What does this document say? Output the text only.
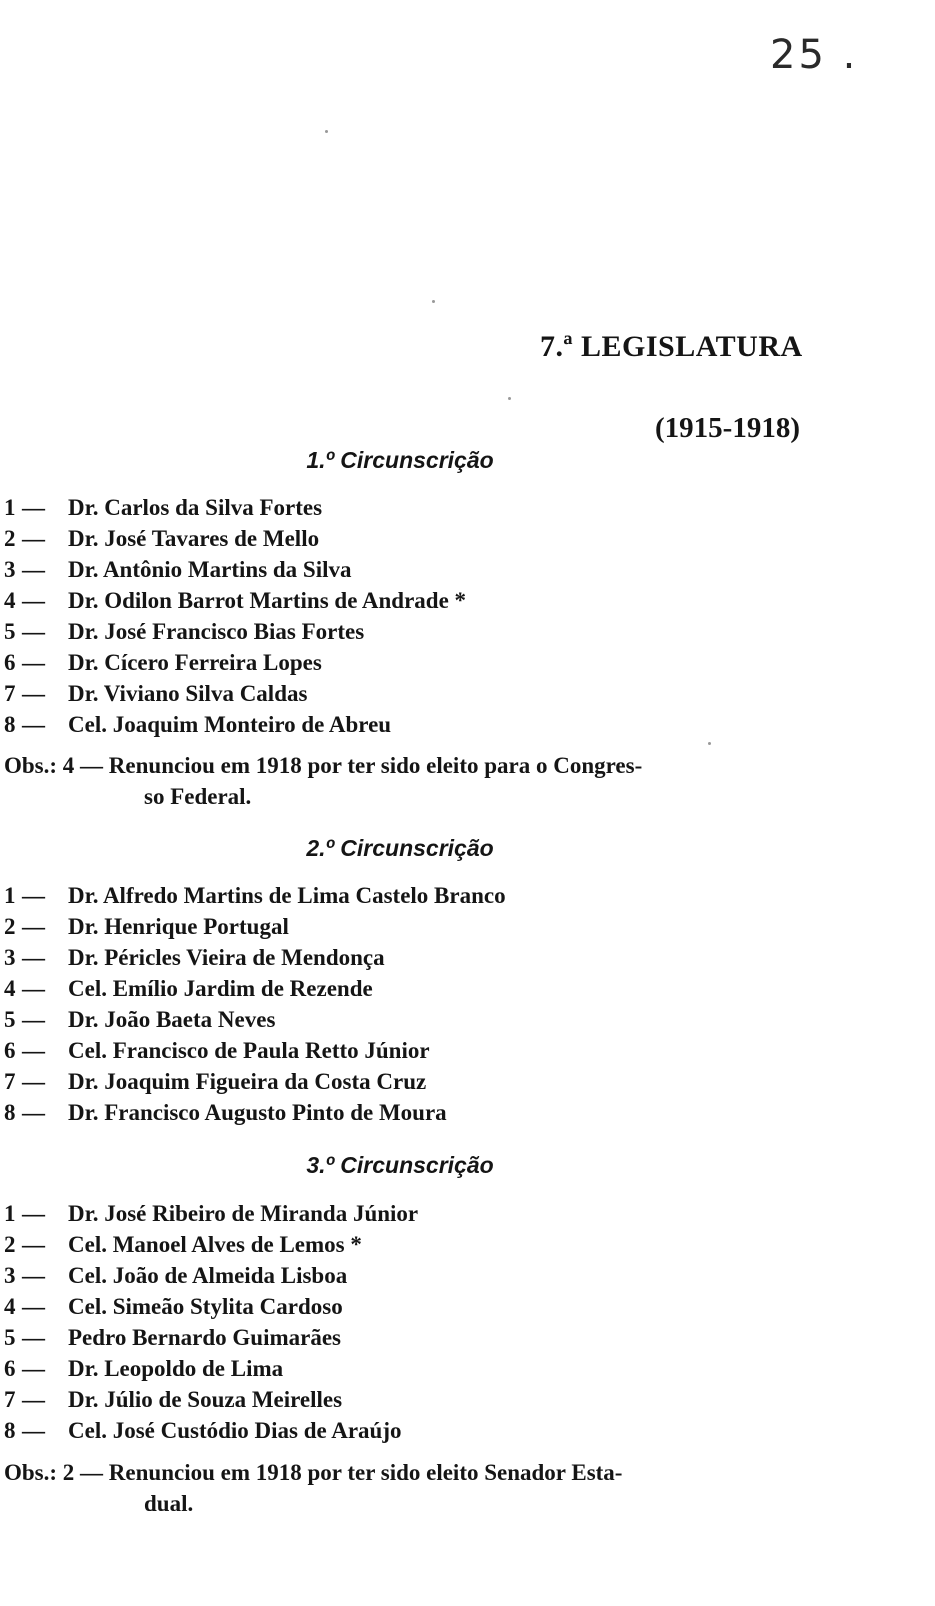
25 .
7.ª LEGISLATURA
(1915-1918)
1.º Circunscrição
1 — Dr. Carlos da Silva Fortes
2 — Dr. José Tavares de Mello
3 — Dr. Antônio Martins da Silva
4 — Dr. Odilon Barrot Martins de Andrade *
5 — Dr. José Francisco Bias Fortes
6 — Dr. Cícero Ferreira Lopes
7 — Dr. Viviano Silva Caldas
8 — Cel. Joaquim Monteiro de Abreu
Obs.: 4 — Renunciou em 1918 por ter sido eleito para o Congres-
so Federal.
2.º Circunscrição
1 — Dr. Alfredo Martins de Lima Castelo Branco
2 — Dr. Henrique Portugal
3 — Dr. Péricles Vieira de Mendonça
4 — Cel. Emílio Jardim de Rezende
5 — Dr. João Baeta Neves
6 — Cel. Francisco de Paula Retto Júnior
7 — Dr. Joaquim Figueira da Costa Cruz
8 — Dr. Francisco Augusto Pinto de Moura
3.º Circunscrição
1 — Dr. José Ribeiro de Miranda Júnior
2 — Cel. Manoel Alves de Lemos *
3 — Cel. João de Almeida Lisboa
4 — Cel. Simeão Stylita Cardoso
5 — Pedro Bernardo Guimarães
6 — Dr. Leopoldo de Lima
7 — Dr. Júlio de Souza Meirelles
8 — Cel. José Custódio Dias de Araújo
Obs.: 2 — Renunciou em 1918 por ter sido eleito Senador Esta-
dual.
